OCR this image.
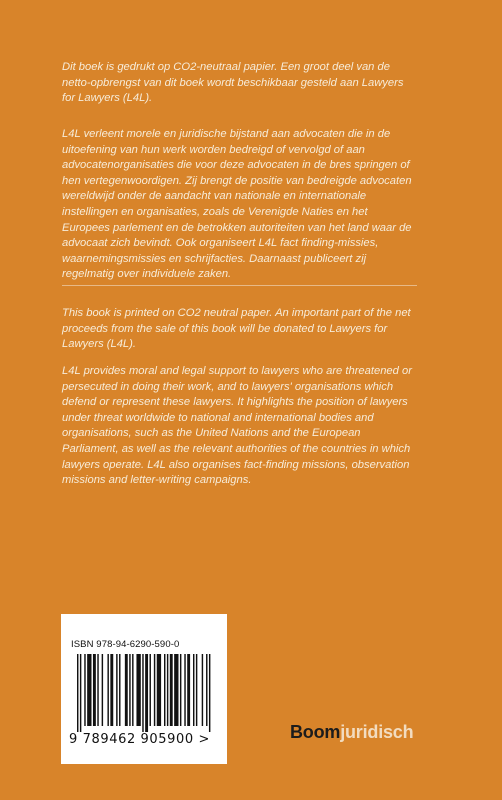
Dit boek is gedrukt op CO2-neutraal papier. Een groot deel van de netto-opbrengst van dit boek wordt beschikbaar gesteld aan Lawyers for Lawyers (L4L).

L4L verleent morele en juridische bijstand aan advocaten die in de uitoefening van hun werk worden bedreigd of vervolgd of aan advocatenorganisaties die voor deze advocaten in de bres springen of hen vertegenwoordigen. Zij brengt de positie van bedreigde advocaten wereldwijd onder de aandacht van nationale en internationale instellingen en organisaties, zoals de Verenigde Naties en het Europees parlement en de betrokken autoriteiten van het land waar de advocaat zich bevindt. Ook organiseert L4L fact finding-missies, waarnemingsmissies en schrijfacties. Daarnaast publiceert zij regelmatig over individuele zaken.

This book is printed on CO2 neutral paper. An important part of the net proceeds from the sale of this book will be donated to Lawyers for Lawyers (L4L).

L4L provides moral and legal support to lawyers who are threatened or persecuted in doing their work, and to lawyers' organisations which defend or represent these lawyers. It highlights the position of lawyers under threat worldwide to national and international bodies and organisations, such as the United Nations and the European Parliament, as well as the relevant authorities of the countries in which lawyers operate. L4L also organises fact-finding missions, observation missions and letter-writing campaigns.

ISBN 978-94-6290-590-0
9 789462 905900 >	Boomjuridisch
